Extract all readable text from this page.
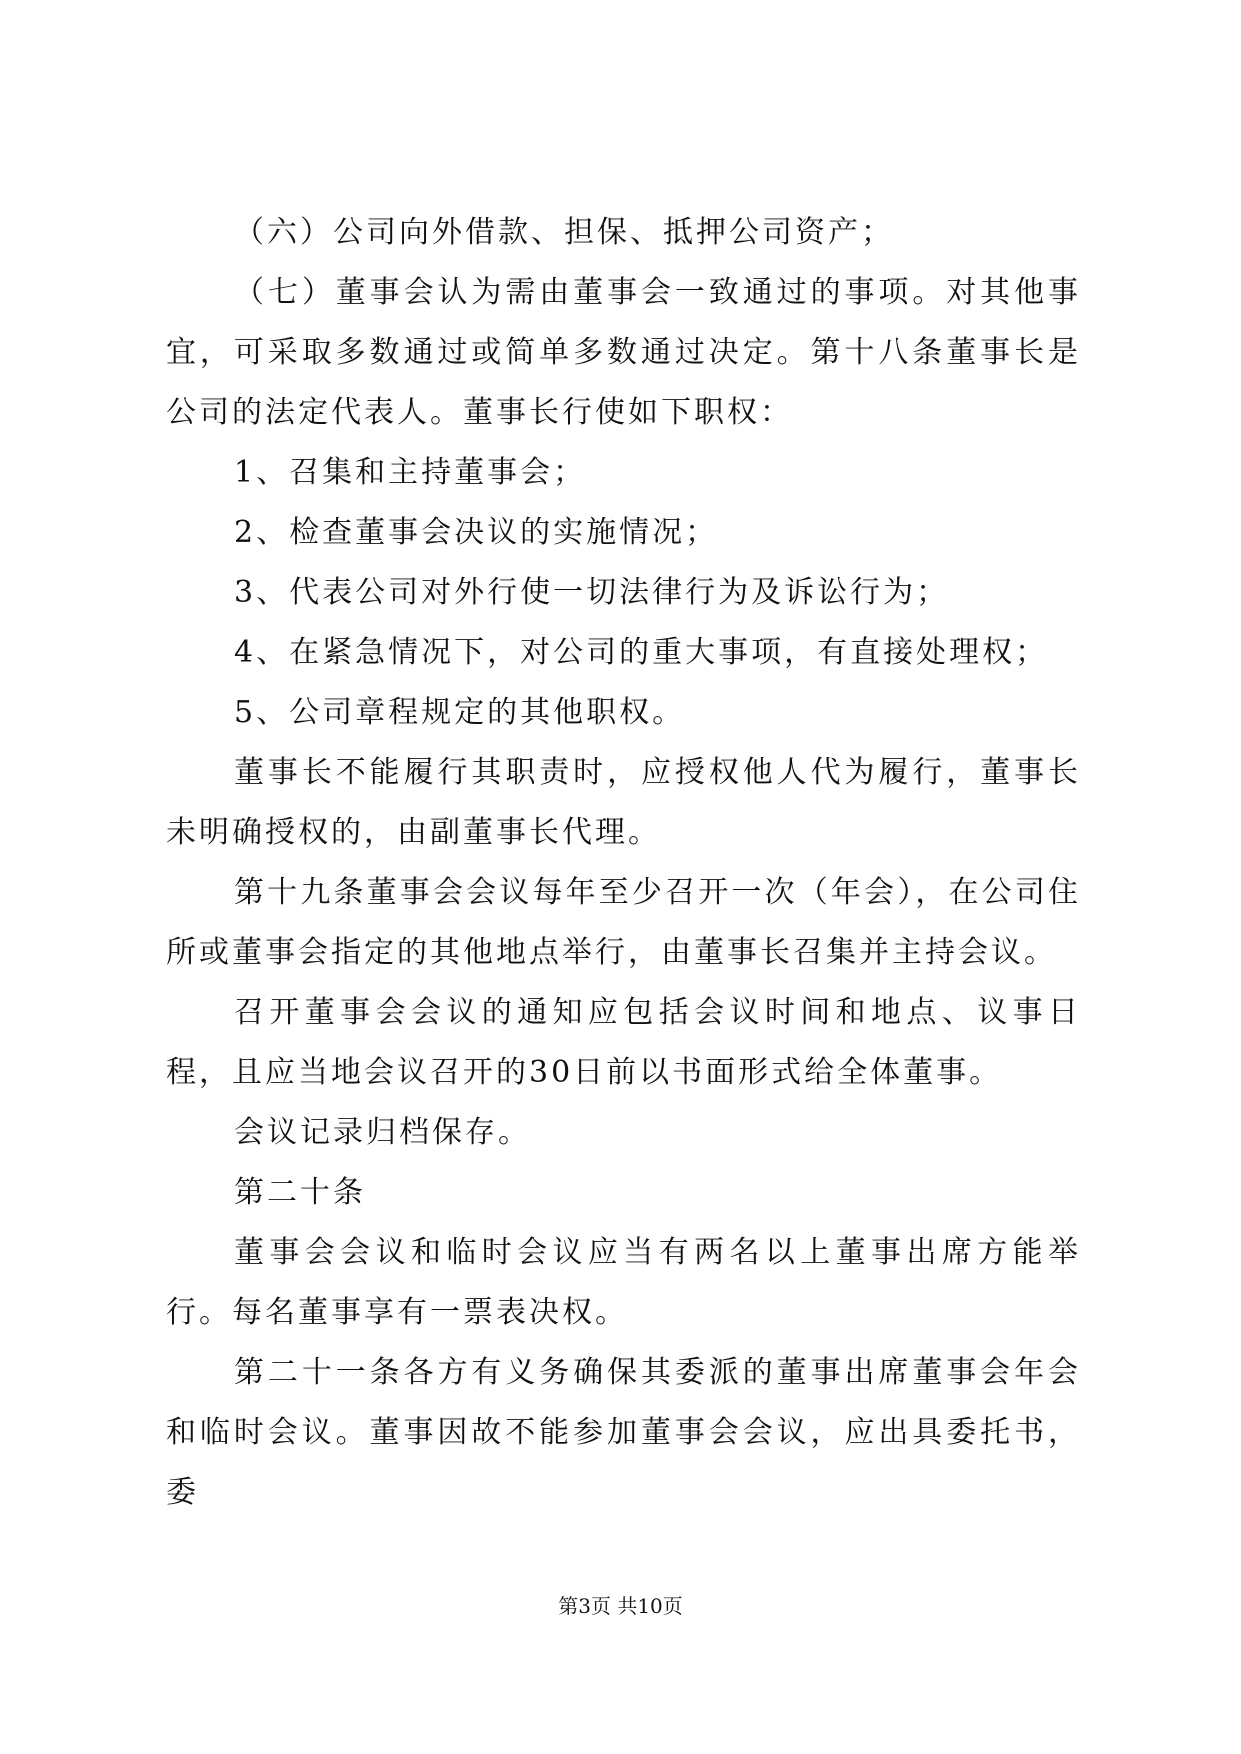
（六）公司向外借款、担保、抵押公司资产；

（七）董事会认为需由董事会一致通过的事项。对其他事宜，可采取多数通过或简单多数通过决定。第十八条董事长是公司的法定代表人。董事长行使如下职权：

1、召集和主持董事会；

2、检查董事会决议的实施情况；

3、代表公司对外行使一切法律行为及诉讼行为；

4、在紧急情况下，对公司的重大事项，有直接处理权；

5、公司章程规定的其他职权。

董事长不能履行其职责时，应授权他人代为履行，董事长未明确授权的，由副董事长代理。

第十九条董事会会议每年至少召开一次（年会），在公司住所或董事会指定的其他地点举行，由董事长召集并主持会议。

召开董事会会议的通知应包括会议时间和地点、议事日程，且应当地会议召开的30日前以书面形式给全体董事。

会议记录归档保存。

第二十条

董事会会议和临时会议应当有两名以上董事出席方能举行。每名董事享有一票表决权。

第二十一条各方有义务确保其委派的董事出席董事会年会和临时会议。董事因故不能参加董事会会议，应出具委托书，委

第3页 共10页
